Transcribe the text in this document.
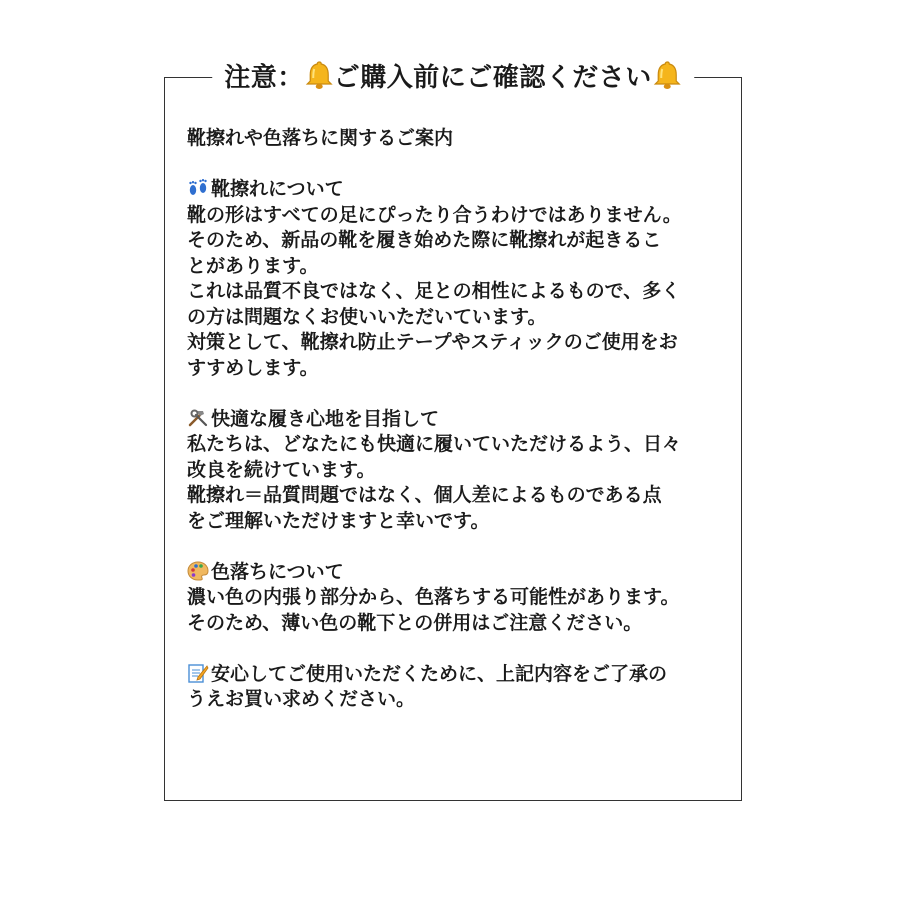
注意： ご購入前にご確認ください

靴擦れや色落ちに関するご案内

靴擦れについて

靴の形はすべての足にぴったり合うわけではありません。

そのため、新品の靴を履き始めた際に靴擦れが起きるこ

とがあります。

これは品質不良ではなく、足との相性によるもので、多く

の方は問題なくお使いいただいています。

対策として、靴擦れ防止テープやスティックのご使用をお

すすめします。

快適な履き心地を目指して

私たちは、どなたにも快適に履いていただけるよう、日々

改良を続けています。

靴擦れ＝品質問題ではなく、個人差によるものである点

をご理解いただけますと幸いです。

色落ちについて

濃い色の内張り部分から、色落ちする可能性があります。

そのため、薄い色の靴下との併用はご注意ください。

安心してご使用いただくために、上記内容をご了承の

うえお買い求めください。
